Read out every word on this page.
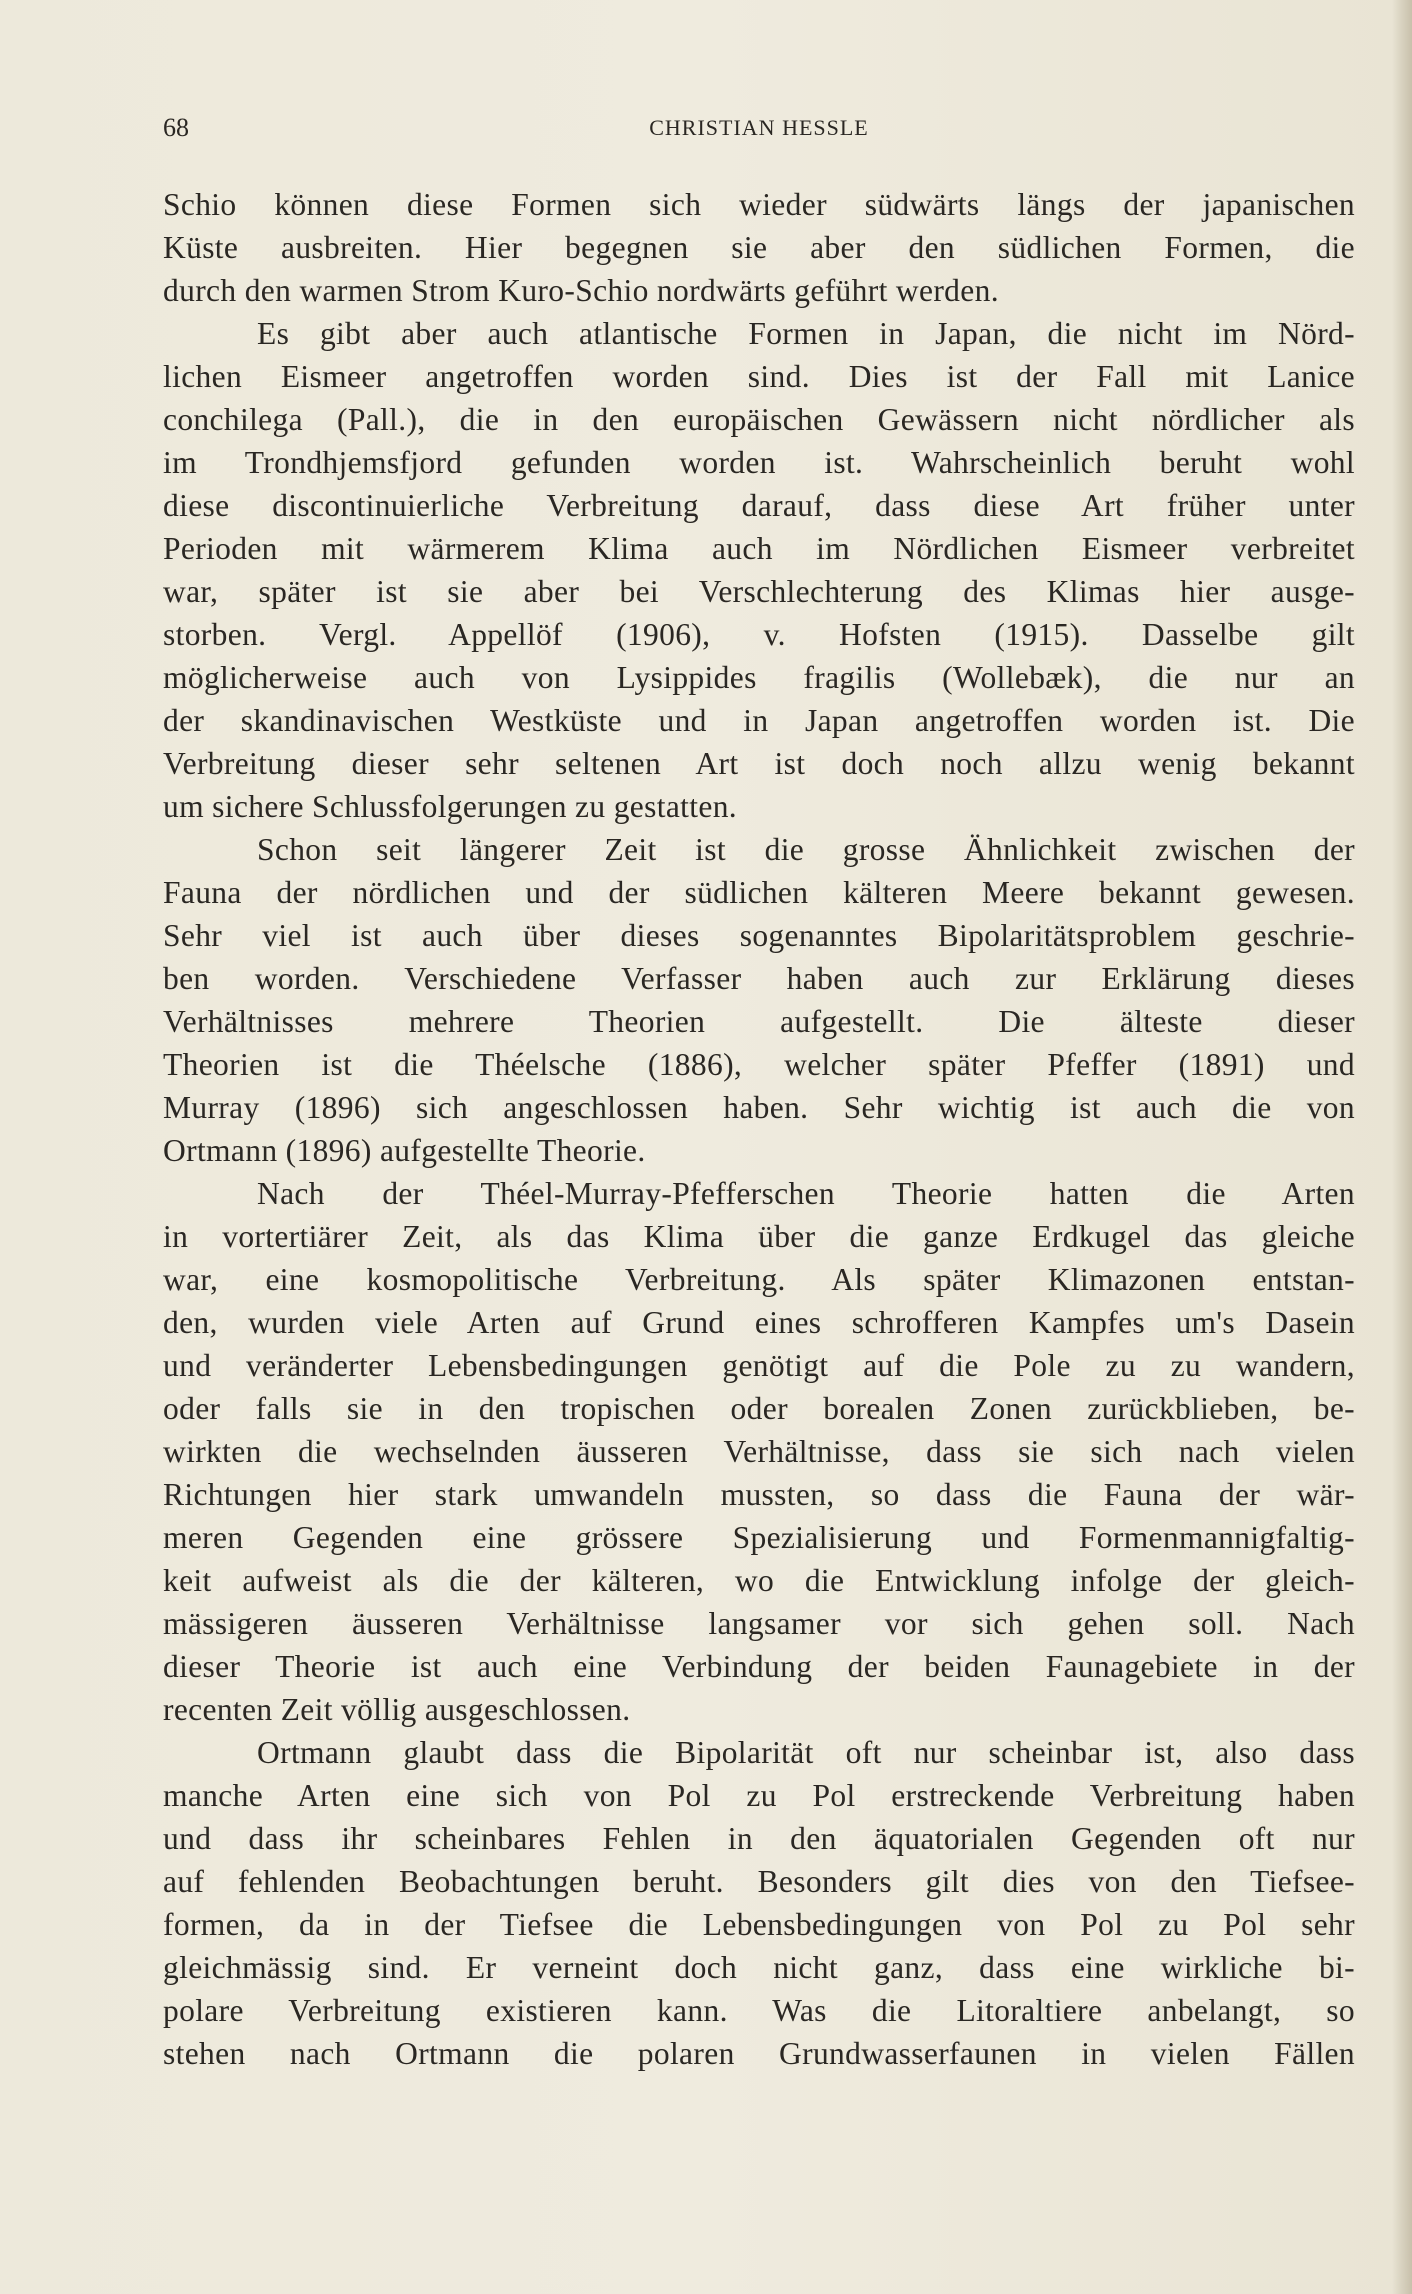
68	CHRISTIAN HESSLE
Schio können diese Formen sich wieder südwärts längs der japanischen
Küste ausbreiten. Hier begegnen sie aber den südlichen Formen, die
durch den warmen Strom Kuro-Schio nordwärts geführt werden.
Es gibt aber auch atlantische Formen in Japan, die nicht im Nörd-
lichen Eismeer angetroffen worden sind. Dies ist der Fall mit Lanice
conchilega (Pall.), die in den europäischen Gewässern nicht nördlicher als
im Trondhjemsfjord gefunden worden ist. Wahrscheinlich beruht wohl
diese discontinuierliche Verbreitung darauf, dass diese Art früher unter
Perioden mit wärmerem Klima auch im Nördlichen Eismeer verbreitet
war, später ist sie aber bei Verschlechterung des Klimas hier ausge-
storben. Vergl. Appellöf (1906), v. Hofsten (1915). Dasselbe gilt
möglicherweise auch von Lysippides fragilis (Wollebæk), die nur an
der skandinavischen Westküste und in Japan angetroffen worden ist. Die
Verbreitung dieser sehr seltenen Art ist doch noch allzu wenig bekannt
um sichere Schlussfolgerungen zu gestatten.
Schon seit längerer Zeit ist die grosse Ähnlichkeit zwischen der
Fauna der nördlichen und der südlichen kälteren Meere bekannt gewesen.
Sehr viel ist auch über dieses sogenanntes Bipolaritätsproblem geschrie-
ben worden. Verschiedene Verfasser haben auch zur Erklärung dieses
Verhältnisses mehrere Theorien aufgestellt. Die älteste dieser
Theorien ist die Théelsche (1886), welcher später Pfeffer (1891) und
Murray (1896) sich angeschlossen haben. Sehr wichtig ist auch die von
Ortmann (1896) aufgestellte Theorie.
Nach der Théel-Murray-Pfefferschen Theorie hatten die Arten
in vortertiärer Zeit, als das Klima über die ganze Erdkugel das gleiche
war, eine kosmopolitische Verbreitung. Als später Klimazonen entstan-
den, wurden viele Arten auf Grund eines schrofferen Kampfes um's Dasein
und veränderter Lebensbedingungen genötigt auf die Pole zu zu wandern,
oder falls sie in den tropischen oder borealen Zonen zurückblieben, be-
wirkten die wechselnden äusseren Verhältnisse, dass sie sich nach vielen
Richtungen hier stark umwandeln mussten, so dass die Fauna der wär-
meren Gegenden eine grössere Spezialisierung und Formenmannigfaltig-
keit aufweist als die der kälteren, wo die Entwicklung infolge der gleich-
mässigeren äusseren Verhältnisse langsamer vor sich gehen soll. Nach
dieser Theorie ist auch eine Verbindung der beiden Faunagebiete in der
recenten Zeit völlig ausgeschlossen.
Ortmann glaubt dass die Bipolarität oft nur scheinbar ist, also dass
manche Arten eine sich von Pol zu Pol erstreckende Verbreitung haben
und dass ihr scheinbares Fehlen in den äquatorialen Gegenden oft nur
auf fehlenden Beobachtungen beruht. Besonders gilt dies von den Tiefsee-
formen, da in der Tiefsee die Lebensbedingungen von Pol zu Pol sehr
gleichmässig sind. Er verneint doch nicht ganz, dass eine wirkliche bi-
polare Verbreitung existieren kann. Was die Litoraltiere anbelangt, so
stehen nach Ortmann die polaren Grundwasserfaunen in vielen Fällen
